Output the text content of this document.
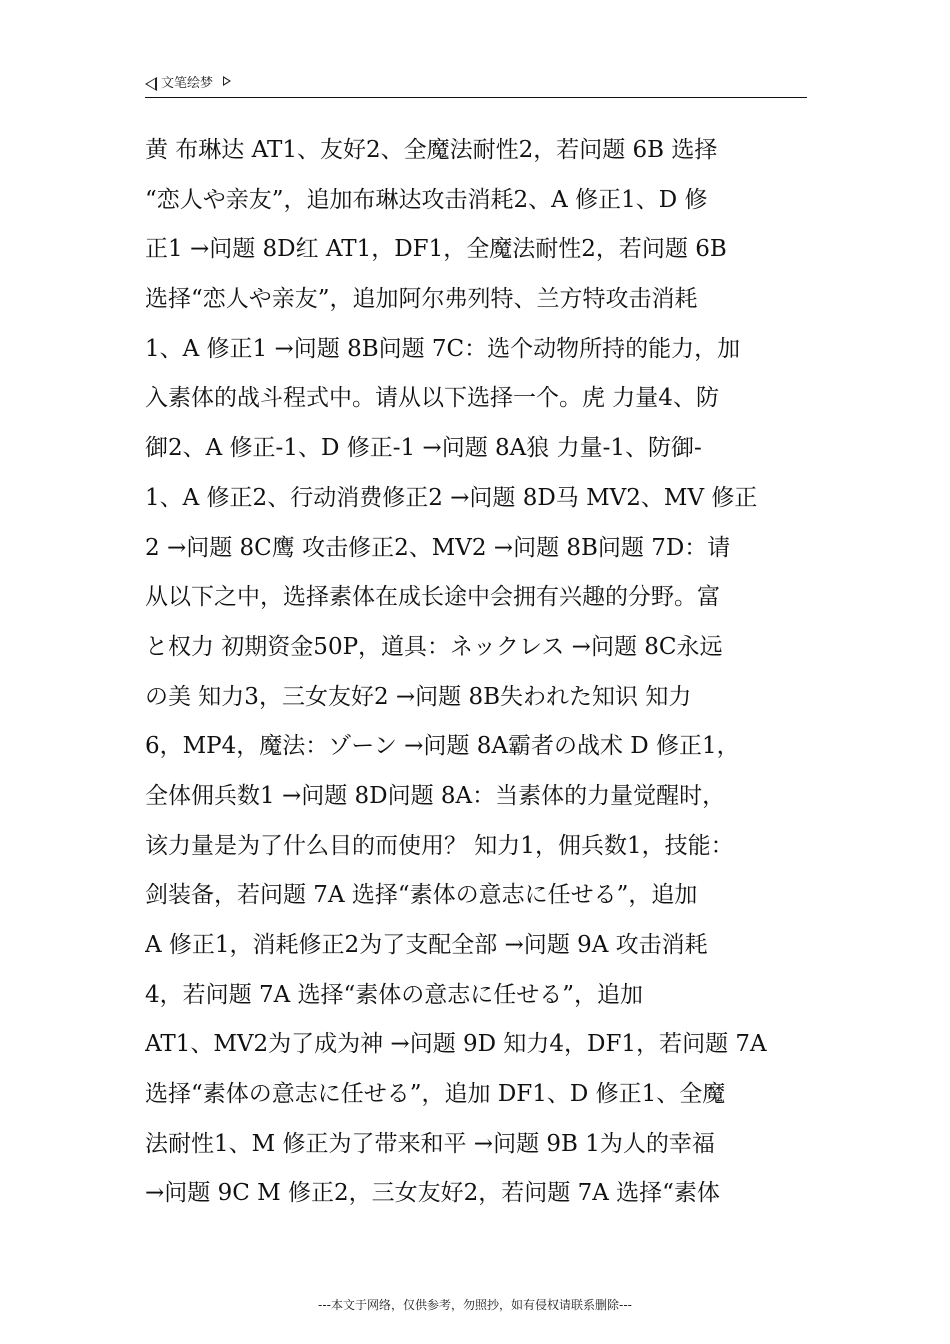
文笔绘梦
黄 布琳达 AT1、友好2、全魔法耐性2，若问题 6B 选择
“恋人や亲友”，追加布琳达攻击消耗2、A 修正1、D 修
正1 →问题 8D红 AT1，DF1，全魔法耐性2，若问题 6B
选择“恋人や亲友”，追加阿尔弗列特、兰方特攻击消耗
1、A 修正1 →问题 8B问题 7C：选个动物所持的能力，加
入素体的战斗程式中。请从以下选择一个。虎 力量4、防
御2、A 修正-1、D 修正-1 →问题 8A狼 力量-1、防御-
1、A 修正2、行动消费修正2 →问题 8D马 MV2、MV 修正
2 →问题 8C鹰 攻击修正2、MV2 →问题 8B问题 7D：请
从以下之中，选择素体在成长途中会拥有兴趣的分野。富
と权力 初期资金50P，道具：ネックレス →问题 8C永远
の美 知力3，三女友好2 →问题 8B失われた知识 知力
6，MP4，魔法：ゾーン →问题 8A霸者の战术 D 修正1，
全体佣兵数1 →问题 8D问题 8A：当素体的力量觉醒时，
该力量是为了什么目的而使用？ 知力1，佣兵数1，技能：
剑装备，若问题 7A 选择“素体の意志に任せる”，追加
A 修正1，消耗修正2为了支配全部 →问题 9A 攻击消耗
4，若问题 7A 选择“素体の意志に任せる”，追加
AT1、MV2为了成为神 →问题 9D 知力4，DF1，若问题 7A
选择“素体の意志に任せる”，追加 DF1、D 修正1、全魔
法耐性1、M 修正为了带来和平 →问题 9B 1为人的幸福
→问题 9C M 修正2，三女友好2，若问题 7A 选择“素体
---本文于网络，仅供参考，勿照抄，如有侵权请联系删除---
